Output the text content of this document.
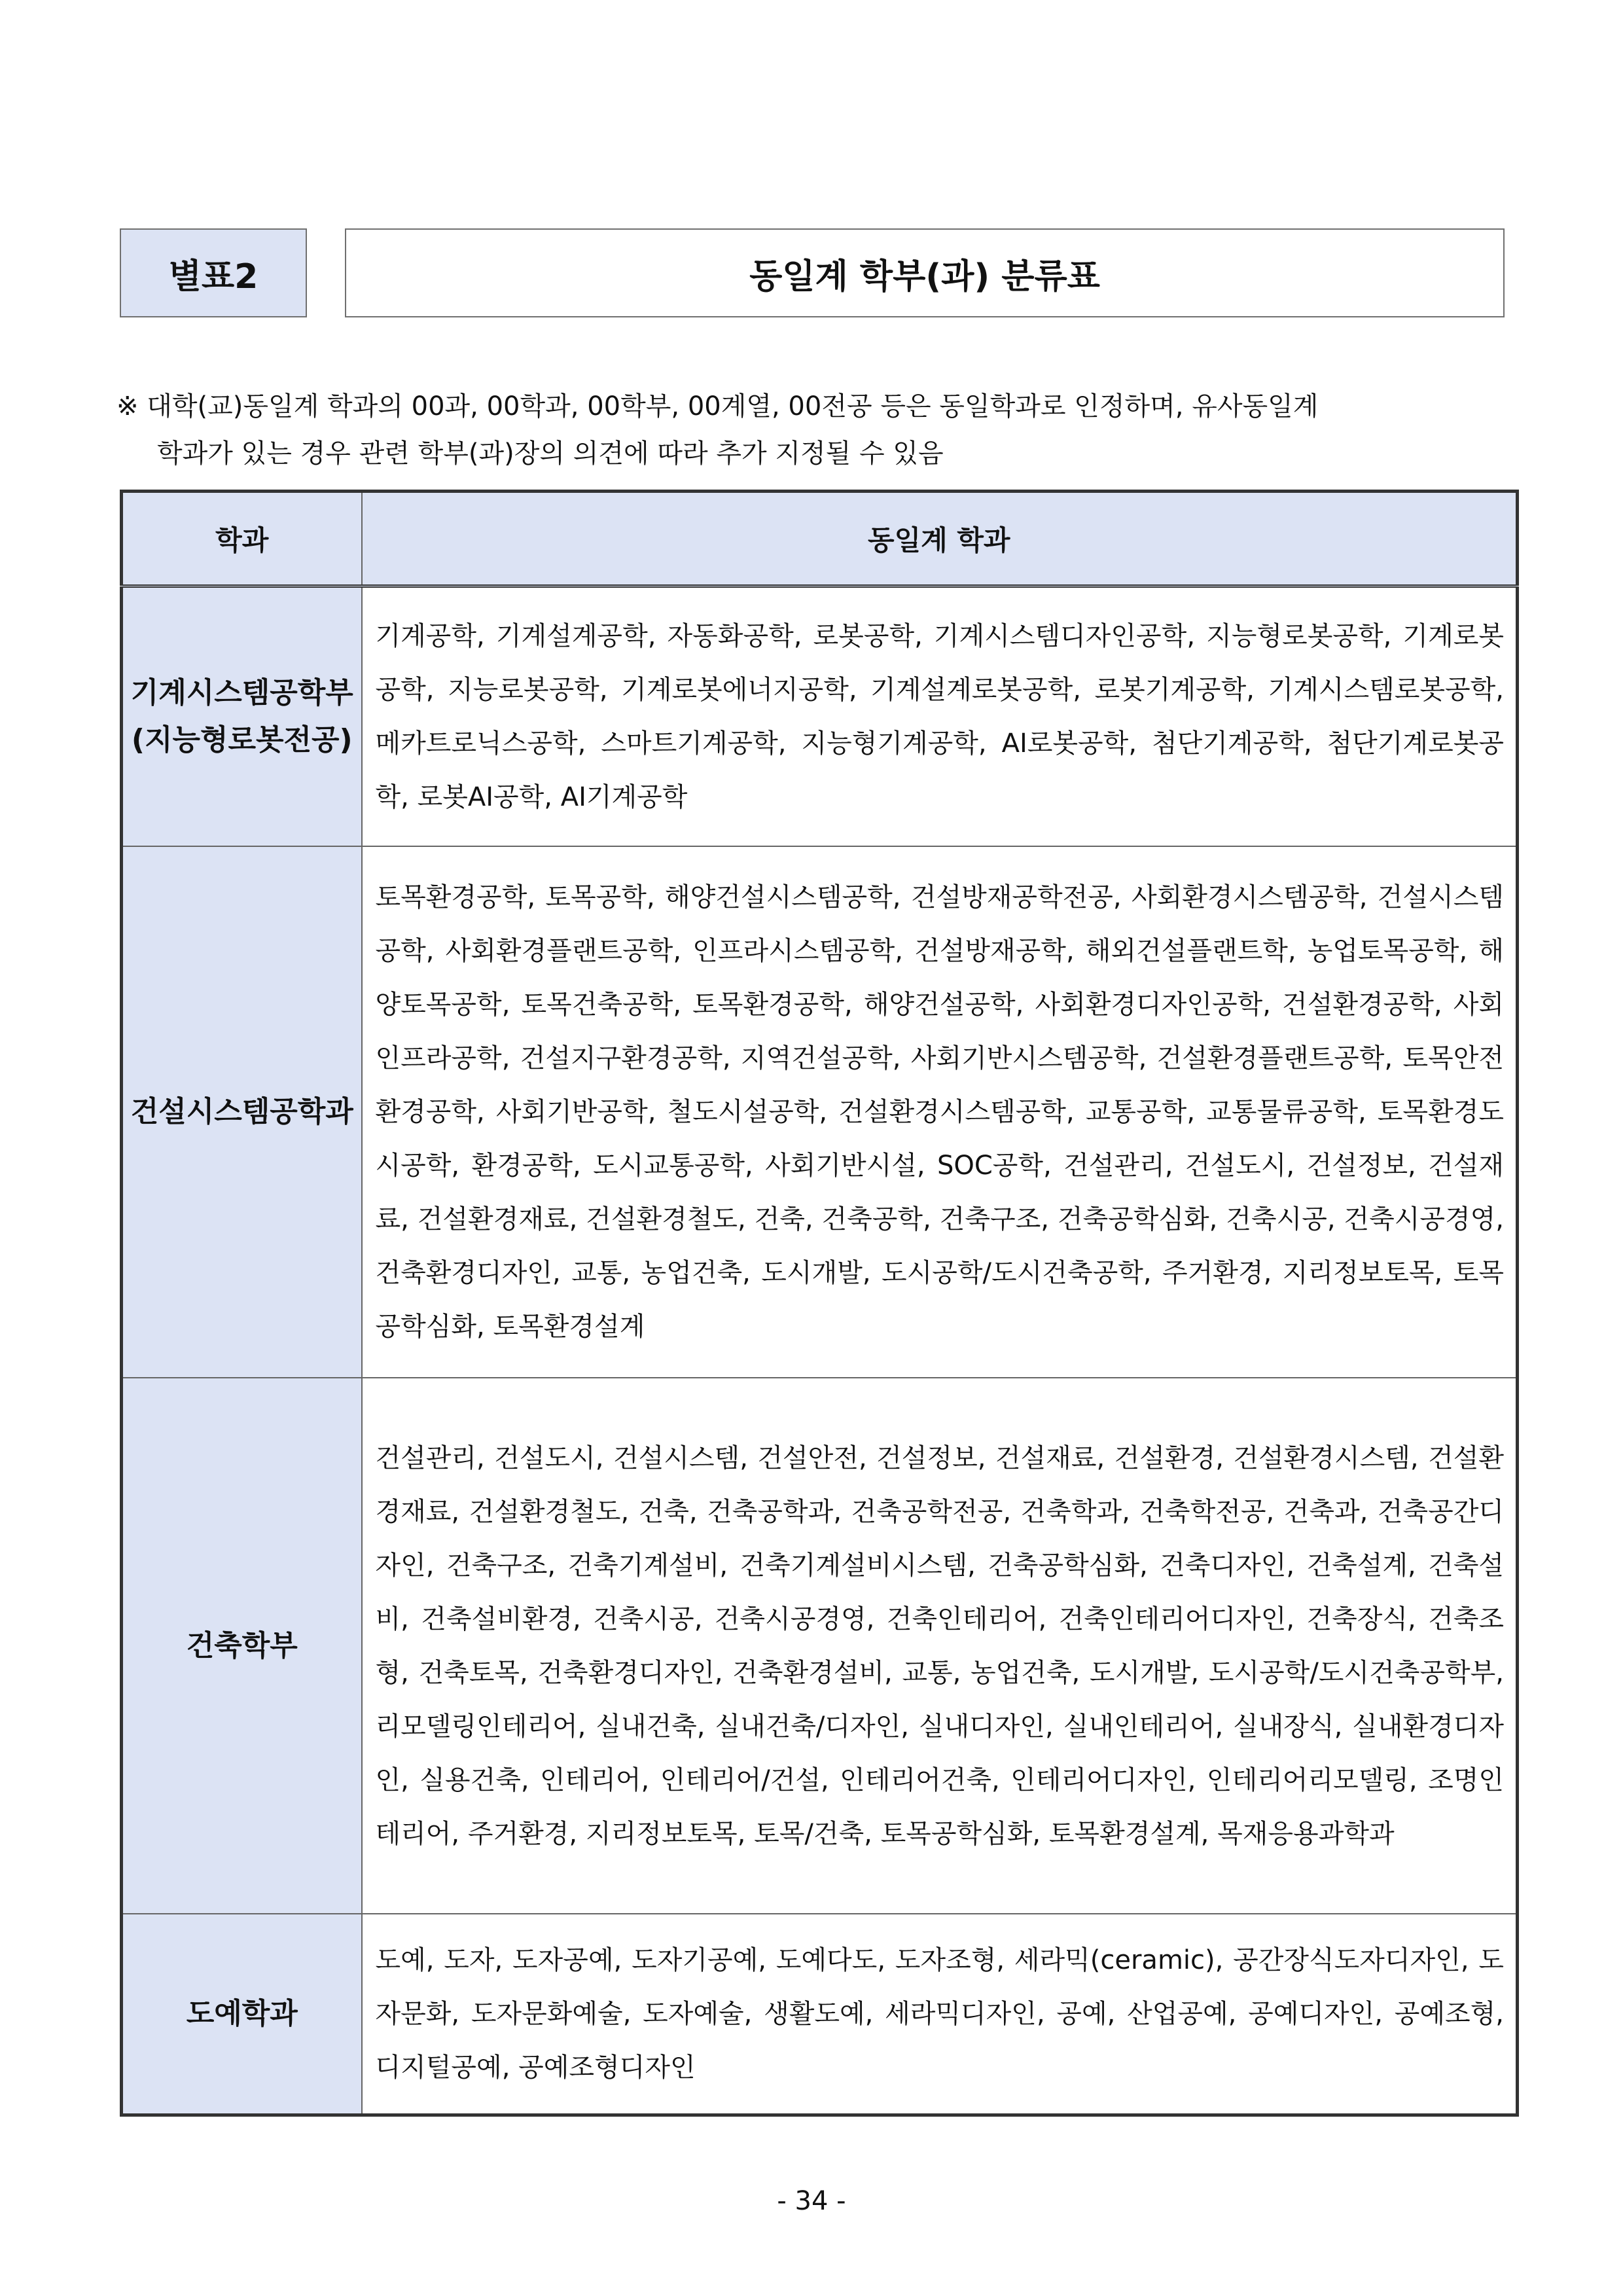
별표2	동일계 학부(과) 분류표
※ 대학(교)동일계 학과의 00과, 00학과, 00학부, 00계열, 00전공 등은 동일학과로 인정하며, 유사동일계
학과가 있는 경우 관련 학부(과)장의 의견에 따라 추가 지정될 수 있음
학과	동일계 학과
기계시스템공학부
(지능형로봇전공)	기계공학, 기계설계공학, 자동화공학, 로봇공학, 기계시스템디자인공학, 지능형로봇공학, 기계로봇공학, 지능로봇공학, 기계로봇에너지공학, 기계설계로봇공학, 로봇기계공학, 기계시스템로봇공학, 메카트로닉스공학, 스마트기계공학, 지능형기계공학, AI로봇공학, 첨단기계공학, 첨단기계로봇공학, 로봇AI공학, AI기계공학
건설시스템공학과	토목환경공학, 토목공학, 해양건설시스템공학, 건설방재공학전공, 사회환경시스템공학, 건설시스템공학, 사회환경플랜트공학, 인프라시스템공학, 건설방재공학, 해외건설플랜트학, 농업토목공학, 해양토목공학, 토목건축공학, 토목환경공학, 해양건설공학, 사회환경디자인공학, 건설환경공학, 사회인프라공학, 건설지구환경공학, 지역건설공학, 사회기반시스템공학, 건설환경플랜트공학, 토목안전환경공학, 사회기반공학, 철도시설공학, 건설환경시스템공학, 교통공학, 교통물류공학, 토목환경도시공학, 환경공학, 도시교통공학, 사회기반시설, SOC공학, 건설관리, 건설도시, 건설정보, 건설재료, 건설환경재료, 건설환경철도, 건축, 건축공학, 건축구조, 건축공학심화, 건축시공, 건축시공경영, 건축환경디자인, 교통, 농업건축, 도시개발, 도시공학/도시건축공학, 주거환경, 지리정보토목, 토목공학심화, 토목환경설계
건축학부	건설관리, 건설도시, 건설시스템, 건설안전, 건설정보, 건설재료, 건설환경, 건설환경시스템, 건설환경재료, 건설환경철도, 건축, 건축공학과, 건축공학전공, 건축학과, 건축학전공, 건축과, 건축공간디자인, 건축구조, 건축기계설비, 건축기계설비시스템, 건축공학심화, 건축디자인, 건축설계, 건축설비, 건축설비환경, 건축시공, 건축시공경영, 건축인테리어, 건축인테리어디자인, 건축장식, 건축조형, 건축토목, 건축환경디자인, 건축환경설비, 교통, 농업건축, 도시개발, 도시공학/도시건축공학부, 리모델링인테리어, 실내건축, 실내건축/디자인, 실내디자인, 실내인테리어, 실내장식, 실내환경디자인, 실용건축, 인테리어, 인테리어/건설, 인테리어건축, 인테리어디자인, 인테리어리모델링, 조명인테리어, 주거환경, 지리정보토목, 토목/건축, 토목공학심화, 토목환경설계, 목재응용과학과
도예학과	도예, 도자, 도자공예, 도자기공예, 도예다도, 도자조형, 세라믹(ceramic), 공간장식도자디자인, 도자문화, 도자문화예술, 도자예술, 생활도예, 세라믹디자인, 공예, 산업공예, 공예디자인, 공예조형, 디지털공예, 공예조형디자인
- 34 -
